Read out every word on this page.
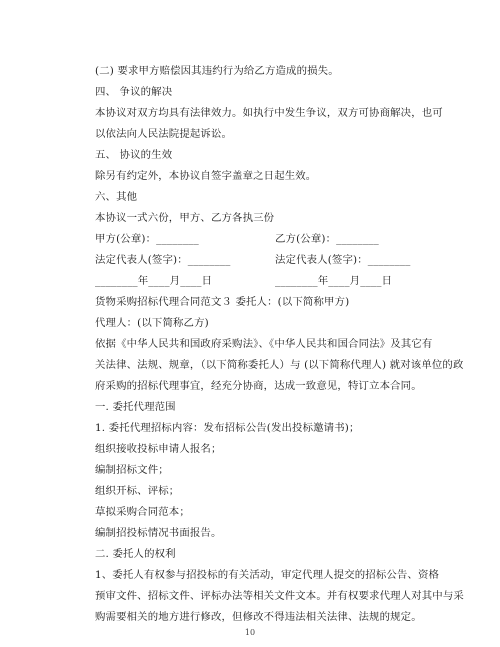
(二) 要求甲方赔偿因其违约行为给乙方造成的损失。
四、 争议的解决
本协议对双方均具有法律效力。如执行中发生争议，双方可协商解决，也可
以依法向人民法院提起诉讼。
五、 协议的生效
除另有约定外，本协议自签字盖章之日起生效。
六、其他
本协议一式六份，甲方、乙方各执三份
甲方(公章)：________	乙方(公章)：________
法定代表人(签字)：________	法定代表人(签字)：________
________年____月____日	________年____月____日
货物采购招标代理合同范文３ 委托人：(以下简称甲方)
代理人：(以下简称乙方)
依据《中华人民共和国政府采购法》、《中华人民共和国合同法》及其它有
关法律、法规、规章，（以下简称委托人）与 (以下简称代理人) 就对该单位的政
府采购的招标代理事宜，经充分协商，达成一致意见，特订立本合同。
一. 委托代理范围
1. 委托代理招标内容：发布招标公告(发出投标邀请书)；
组织接收投标申请人报名；
编制招标文件；
组织开标、评标；
草拟采购合同范本；
编制招投标情况书面报告。
二. 委托人的权利
1、委托人有权参与招投标的有关活动，审定代理人提交的招标公告、资格
预审文件、招标文件、评标办法等相关文件文本。并有权要求代理人对其中与采
购需要相关的地方进行修改，但修改不得违法相关法律、法规的规定。
10
